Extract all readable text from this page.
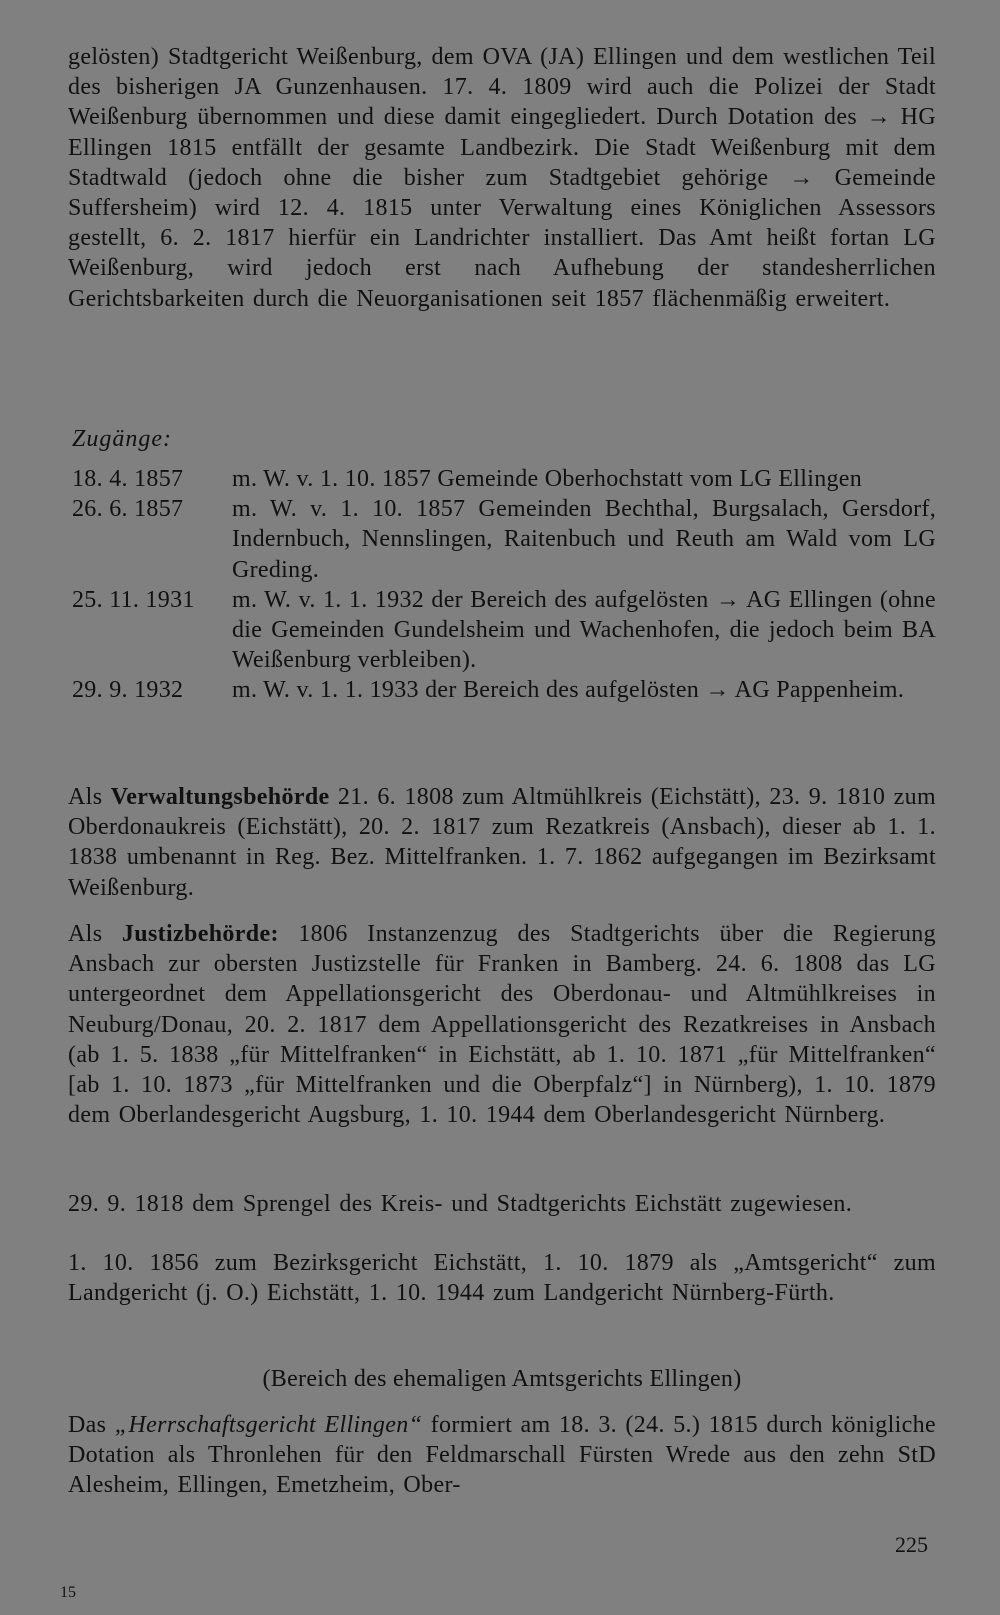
gelösten) Stadtgericht Weißenburg, dem OVA (JA) Ellingen und dem westlichen Teil des bisherigen JA Gunzenhausen. 17. 4. 1809 wird auch die Polizei der Stadt Weißenburg übernommen und diese damit eingegliedert. Durch Dotation des → HG Ellingen 1815 entfällt der gesamte Landbezirk. Die Stadt Weißenburg mit dem Stadtwald (jedoch ohne die bisher zum Stadtgebiet gehörige → Gemeinde Suffersheim) wird 12. 4. 1815 unter Verwaltung eines Königlichen Assessors gestellt, 6. 2. 1817 hierfür ein Landrichter installiert. Das Amt heißt fortan LG Weißenburg, wird jedoch erst nach Aufhebung der standesherrlichen Gerichtsbarkeiten durch die Neuorganisationen seit 1857 flächenmäßig erweitert.

Zugänge:
18. 4. 1857	m. W. v. 1. 10. 1857 Gemeinde Oberhochstatt vom LG Ellingen
26. 6. 1857	m. W. v. 1. 10. 1857 Gemeinden Bechthal, Burgsalach, Gersdorf, Indernbuch, Nennslingen, Raitenbuch und Reuth am Wald vom LG Greding.
25. 11. 1931	m. W. v. 1. 1. 1932 der Bereich des aufgelösten → AG Ellingen (ohne die Gemeinden Gundelsheim und Wachenhofen, die jedoch beim BA Weißenburg verbleiben).
29. 9. 1932	m. W. v. 1. 1. 1933 der Bereich des aufgelösten → AG Pappenheim.

Als Verwaltungsbehörde 21. 6. 1808 zum Altmühlkreis (Eichstätt), 23. 9. 1810 zum Oberdonaukreis (Eichstätt), 20. 2. 1817 zum Rezatkreis (Ansbach), dieser ab 1. 1. 1838 umbenannt in Reg. Bez. Mittelfranken. 1. 7. 1862 aufgegangen im Bezirksamt Weißenburg.

Als Justizbehörde: 1806 Instanzenzug des Stadtgerichts über die Regierung Ansbach zur obersten Justizstelle für Franken in Bamberg. 24. 6. 1808 das LG untergeordnet dem Appellationsgericht des Oberdonau- und Altmühlkreises in Neuburg/Donau, 20. 2. 1817 dem Appellationsgericht des Rezatkreises in Ansbach (ab 1. 5. 1838 „für Mittelfranken“ in Eichstätt, ab 1. 10. 1871 „für Mittelfranken“ [ab 1. 10. 1873 „für Mittelfranken und die Oberpfalz“] in Nürnberg), 1. 10. 1879 dem Oberlandesgericht Augsburg, 1. 10. 1944 dem Oberlandesgericht Nürnberg.

29. 9. 1818 dem Sprengel des Kreis- und Stadtgerichts Eichstätt zugewiesen.

1. 10. 1856 zum Bezirksgericht Eichstätt, 1. 10. 1879 als „Amtsgericht“ zum Landgericht (j. O.) Eichstätt, 1. 10. 1944 zum Landgericht Nürnberg-Fürth.

(Bereich des ehemaligen Amtsgerichts Ellingen)

Das „Herrschaftsgericht Ellingen“ formiert am 18. 3. (24. 5.) 1815 durch königliche Dotation als Thronlehen für den Feldmarschall Fürsten Wrede aus den zehn StD Alesheim, Ellingen, Emetzheim, Ober-

225
15
